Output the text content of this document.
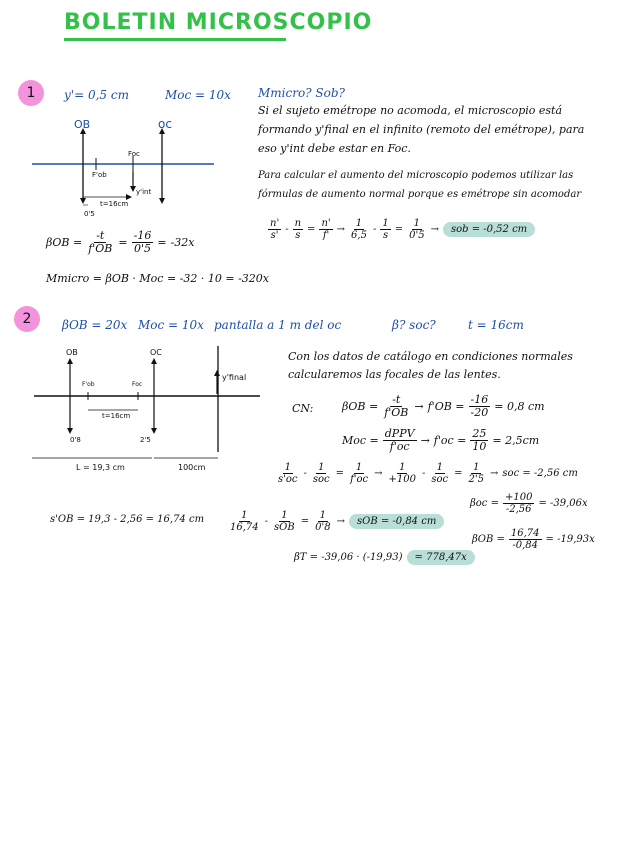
BOLETIN MICROSCOPIO
1 y'= 0,5 cm	Moc = 10x
OB	oc
Foc
F'ob
y'int
t=16cm
0'5
Mmicro? Sob?
Si el sujeto emétrope no acomoda, el microscopio está
formando y'final en el infinito (remoto del emétrope), para
eso y'int debe estar en Foc.
Para calcular el aumento del microscopio podemos utilizar las
fórmulas de aumento normal porque es emétrope sin acomodar
$\frac{n'}{s'} - \frac{n}{s} = \frac{n'}{f'} \to \frac{1}{6,5} - \frac{1}{s} = \frac{1}{0'5}$ →	sob = -0,52 cm
$\beta OB = \frac{-t}{f'OB} = \frac{-16}{0'5} = -32x$
Mmicro = βOB · Moc = -32 · 10 = -320x
2	βOB = 20x Moc = 10x pantalla a 1 m del oc	β? soc?	t = 16cm
OB	OC
F'ob	Foc
y'final
t=16cm
0'8	2'5
L = 19,3 cm	100cm
Con los datos de catálogo en condiciones normales
calcularemos las focales de las lentes.
CN:	$\beta OB = \frac{-t}{f'OB} \to f'OB = \frac{-16}{-20} = 0,8$ cm
Moc = $\frac{\text{dPPV}}{f'oc} \to f'oc = \frac{25}{10} = 2,5cm$
$\frac{1}{s'oc} - \frac{1}{\text{soc}} = \frac{1}{f'oc} \to \frac{1}{+100} - \frac{1}{\text{soc}} = \frac{1}{2'5}$ → soc = -2,56 cm
$\beta oc = \frac{+100}{-2,56} = -39,06x$
s'OB = 19,3 - 2,56 = 16,74 cm $\frac{1}{16,74} - \frac{1}{\text{sOB}} = \frac{1}{0'8}$ →	sOB = -0,84 cm
$\beta OB = \frac{16,74}{-0,84} = -19,93x$
βT = -39,06 · (-19,93)	= 778,47x
